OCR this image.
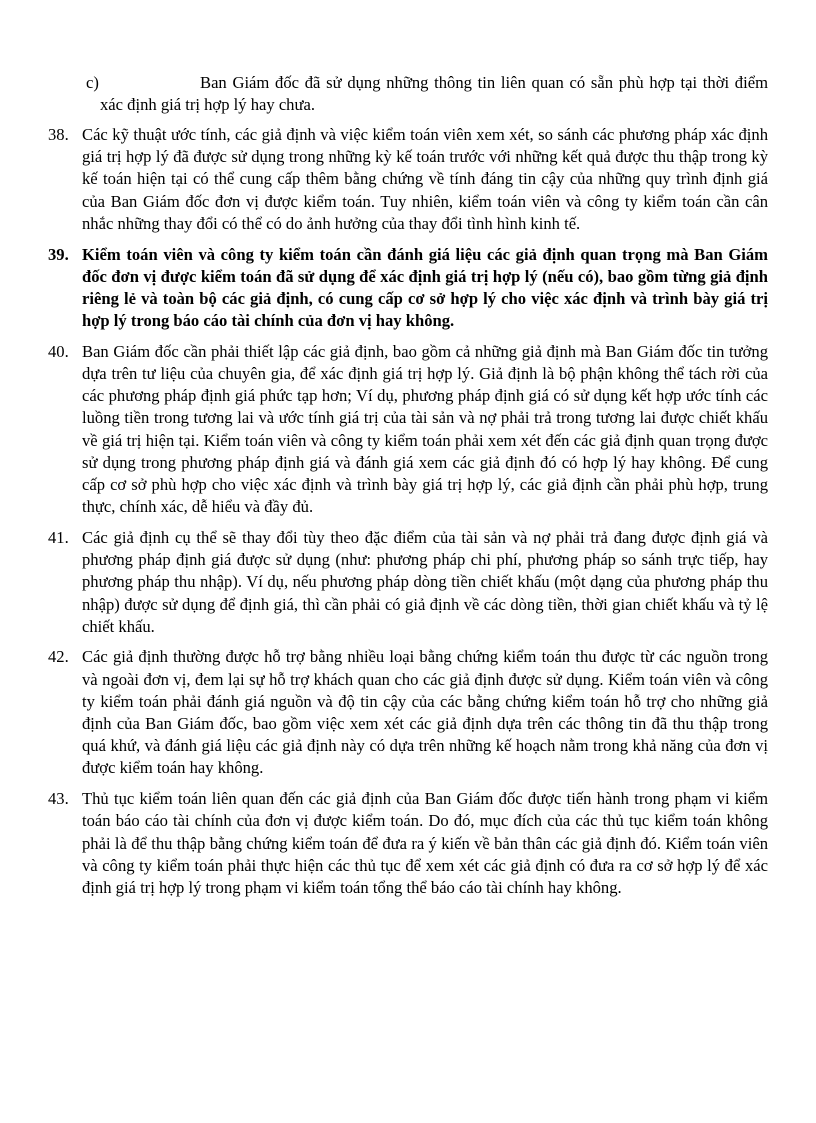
c)	Ban Giám đốc đã sử dụng những thông tin liên quan có sẵn phù hợp tại thời điểm xác định giá trị hợp lý hay chưa.
38. Các kỹ thuật ước tính, các giả định và việc kiểm toán viên xem xét, so sánh các phương pháp xác định giá trị hợp lý đã được sử dụng trong những kỳ kế toán trước với những kết quả được thu thập trong kỳ kế toán hiện tại có thể cung cấp thêm bằng chứng về tính đáng tin cậy của những quy trình định giá của Ban Giám đốc đơn vị được kiểm toán. Tuy nhiên, kiểm toán viên và công ty kiểm toán cần cân nhắc những thay đổi có thể có do ảnh hưởng của thay đổi tình hình kinh tế.
39. Kiểm toán viên và công ty kiểm toán cần đánh giá liệu các giả định quan trọng mà Ban Giám đốc đơn vị được kiểm toán đã sử dụng để xác định giá trị hợp lý (nếu có), bao gồm từng giả định riêng lẻ và toàn bộ các giả định, có cung cấp cơ sở hợp lý cho việc xác định và trình bày giá trị hợp lý trong báo cáo tài chính của đơn vị hay không.
40. Ban Giám đốc cần phải thiết lập các giả định, bao gồm cả những giả định mà Ban Giám đốc tin tưởng dựa trên tư liệu của chuyên gia, để xác định giá trị hợp lý. Giả định là bộ phận không thể tách rời của các phương pháp định giá phức tạp hơn; Ví dụ, phương pháp định giá có sử dụng kết hợp ước tính các luồng tiền trong tương lai và ước tính giá trị của tài sản và nợ phải trả trong tương lai được chiết khấu về giá trị hiện tại. Kiểm toán viên và công ty kiểm toán phải xem xét đến các giả định quan trọng được sử dụng trong phương pháp định giá và đánh giá xem các giả định đó có hợp lý hay không. Để cung cấp cơ sở phù hợp cho việc xác định và trình bày giá trị hợp lý, các giả định cần phải phù hợp, trung thực, chính xác, dễ hiểu và đầy đủ.
41. Các giả định cụ thể sẽ thay đổi tùy theo đặc điểm của tài sản và nợ phải trả đang được định giá và phương pháp định giá được sử dụng (như: phương pháp chi phí, phương pháp so sánh trực tiếp, hay phương pháp thu nhập). Ví dụ, nếu phương pháp dòng tiền chiết khấu (một dạng của phương pháp thu nhập) được sử dụng để định giá, thì cần phải có giả định về các dòng tiền, thời gian chiết khấu và tỷ lệ chiết khấu.
42. Các giả định thường được hỗ trợ bằng nhiều loại bằng chứng kiểm toán thu được từ các nguồn trong và ngoài đơn vị, đem lại sự hỗ trợ khách quan cho các giả định được sử dụng. Kiểm toán viên và công ty kiểm toán phải đánh giá nguồn và độ tin cậy của các bằng chứng kiểm toán hỗ trợ cho những giả định của Ban Giám đốc, bao gồm việc xem xét các giả định dựa trên các thông tin đã thu thập trong quá khứ, và đánh giá liệu các giả định này có dựa trên những kế hoạch nằm trong khả năng của đơn vị được kiểm toán hay không.
43. Thủ tục kiểm toán liên quan đến các giả định của Ban Giám đốc được tiến hành trong phạm vi kiểm toán báo cáo tài chính của đơn vị được kiểm toán. Do đó, mục đích của các thủ tục kiểm toán không phải là để thu thập bằng chứng kiểm toán để đưa ra ý kiến về bản thân các giả định đó. Kiểm toán viên và công ty kiểm toán phải thực hiện các thủ tục để xem xét các giả định có đưa ra cơ sở hợp lý để xác định giá trị hợp lý trong phạm vi kiểm toán tổng thể báo cáo tài chính hay không.
